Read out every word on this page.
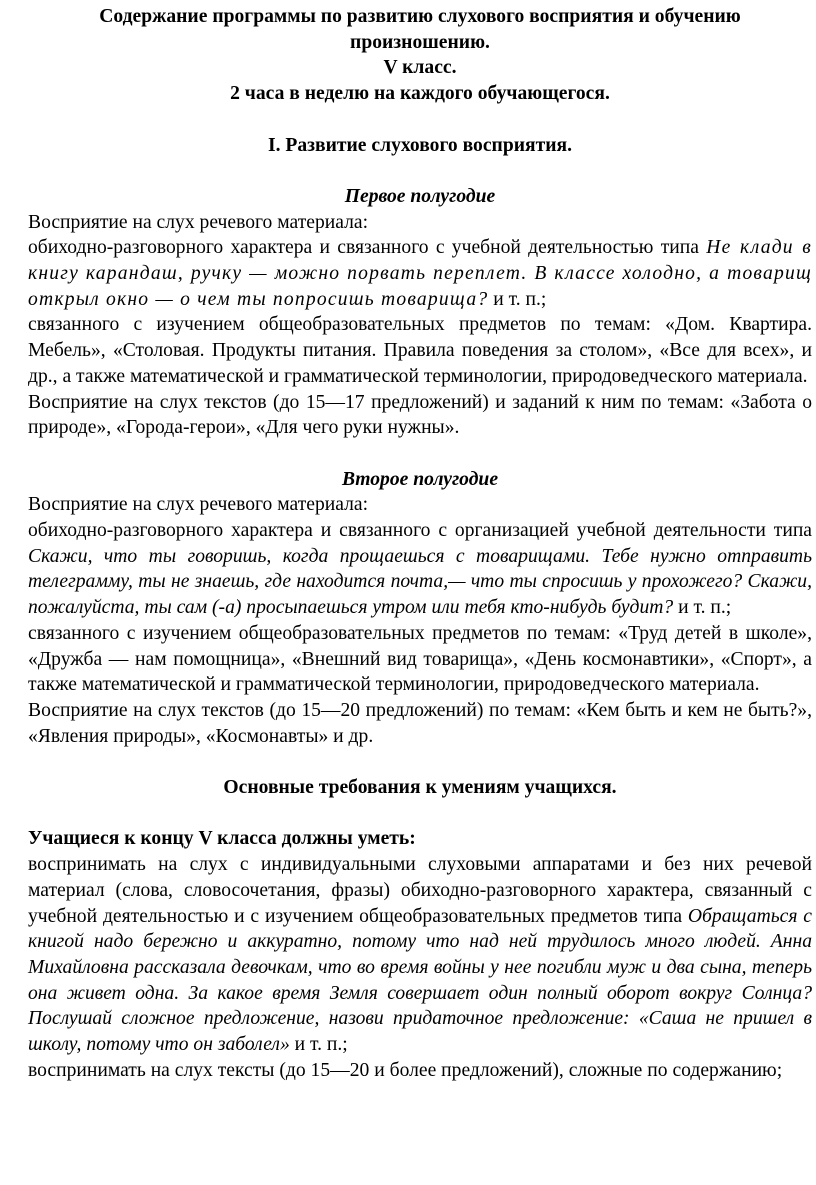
Содержание программы по развитию слухового восприятия и обучению произношению.
V класс.
2 часа в неделю на каждого обучающегося.
I. Развитие слухового восприятия.
Первое полугодие

Восприятие на слух речевого материала:

обиходно-разговорного характера и связанного с учебной деятельностью типа Не клади в книгу карандаш, ручку — можно порвать переплет. В классе холодно, а товарищ открыл окно — о чем ты попросишь товарища? и т. п.;

связанного с изучением общеобразовательных предметов по темам: «Дом. Квартира. Мебель», «Столовая. Продукты питания. Правила поведения за столом», «Все для всех», и др., а также математической и грамматической терминологии, природоведческого материала.

Восприятие на слух текстов (до 15—17 предложений) и заданий к ним по темам: «Забота о природе», «Города-герои», «Для чего руки нужны».

Второе полугодие

Восприятие на слух речевого материала:

обиходно-разговорного характера и связанного с организацией учебной деятельности типа Скажи, что ты говоришь, когда прощаешься с товарищами. Тебе нужно отправить телеграмму, ты не знаешь, где находится почта,— что ты спросишь у прохожего? Скажи, пожалуйста, ты сам (-а) просыпаешься утром или тебя кто-нибудь будит? и т. п.;

связанного с изучением общеобразовательных предметов по темам: «Труд детей в школе», «Дружба — нам помощница», «Внешний вид товарища», «День космонавтики», «Спорт», а также математической и грамматической терминологии, природоведческого материала.

Восприятие на слух текстов (до 15—20 предложений) по темам: «Кем быть и кем не быть?», «Явления природы», «Космонавты» и др.

Основные требования к умениям учащихся.
Учащиеся к концу V класса должны уметь:

воспринимать на слух с индивидуальными слуховыми аппаратами и без них речевой материал (слова, словосочетания, фразы) обиходно-разговорного характера, связанный с учебной деятельностью и с изучением общеобразовательных предметов типа Обращаться с книгой надо бережно и аккуратно, потому что над ней трудилось много людей. Анна Михайловна рассказала девочкам, что во время войны у нее погибли муж и два сына, теперь она живет одна. За какое время Земля совершает один полный оборот вокруг Солнца? Послушай сложное предложение, назови придаточное предложение: «Саша не пришел в школу, потому что он заболел» и т. п.;

воспринимать на слух тексты (до 15—20 и более предложений), сложные по содержанию;
